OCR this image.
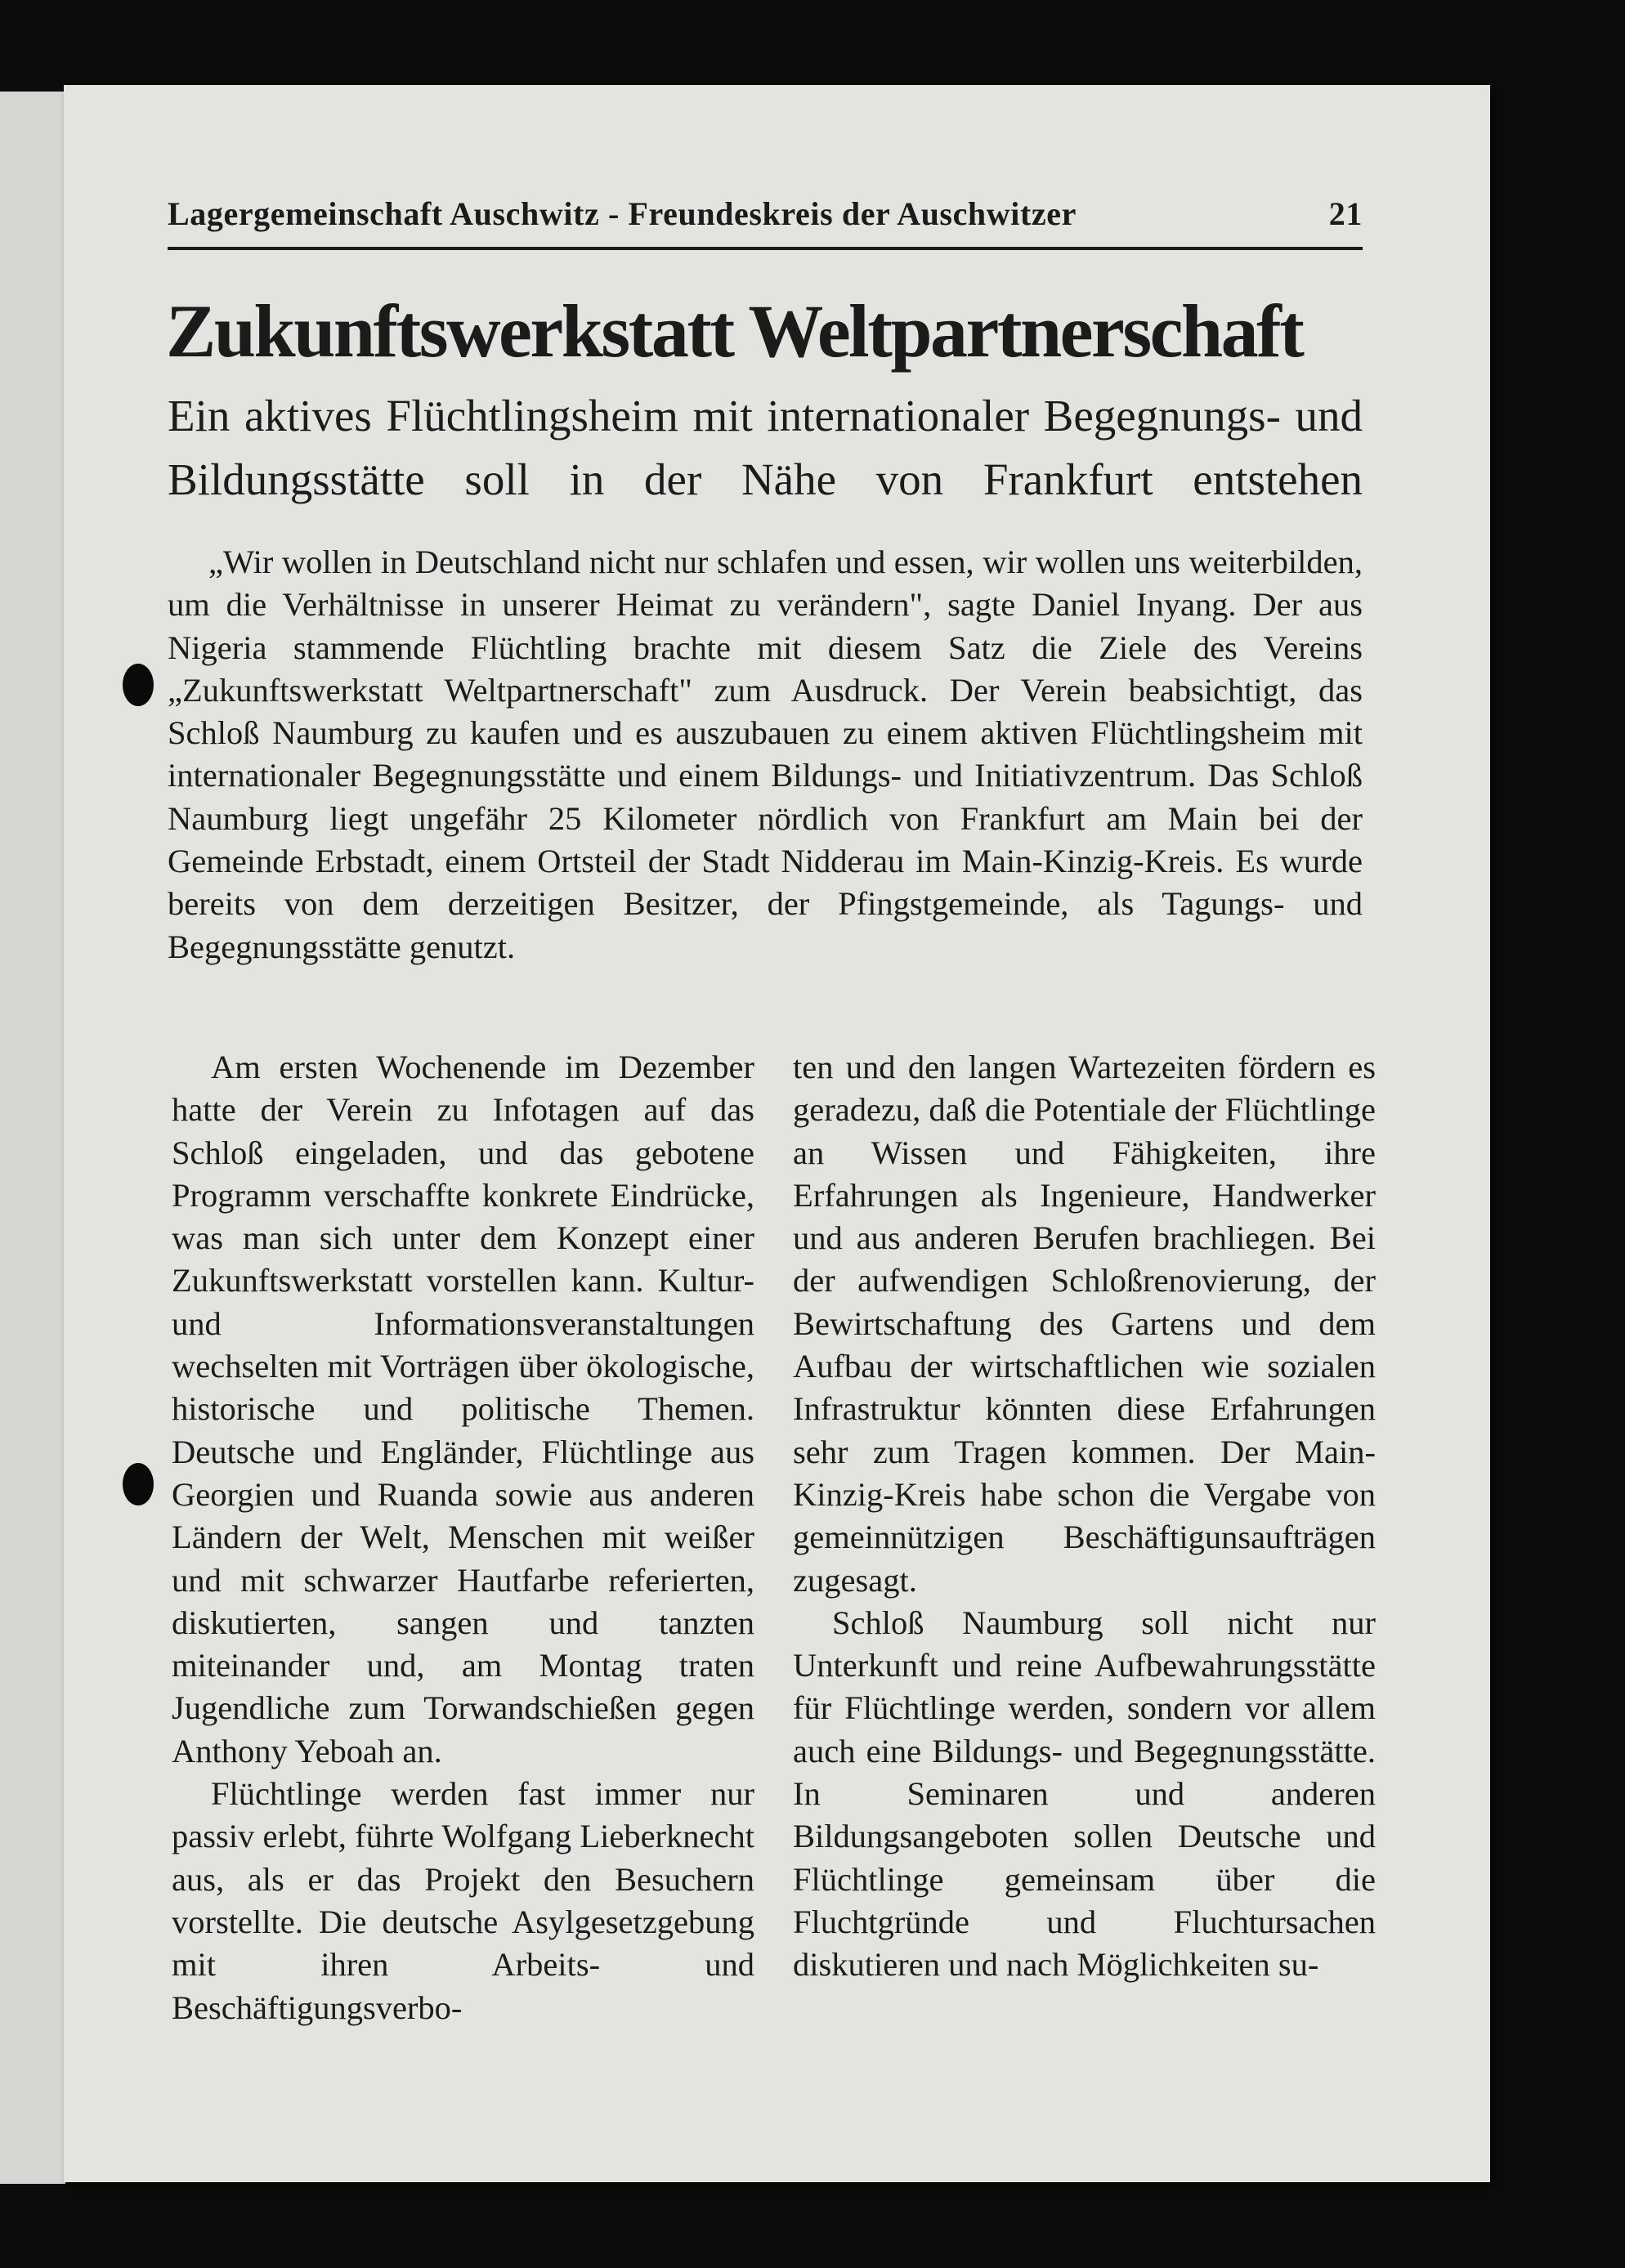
Lagergemeinschaft Auschwitz - Freundeskreis der Auschwitzer	21
Zukunftswerkstatt Weltpartnerschaft
Ein aktives Flüchtlingsheim mit internationaler Begegnungs- und Bildungsstätte soll in der Nähe von Frankfurt entstehen
„Wir wollen in Deutschland nicht nur schlafen und essen, wir wollen uns weiterbilden, um die Verhältnisse in unserer Heimat zu verändern", sagte Daniel Inyang. Der aus Nigeria stammende Flüchtling brachte mit diesem Satz die Ziele des Vereins „Zukunftswerkstatt Weltpartnerschaft" zum Ausdruck. Der Verein beabsichtigt, das Schloß Naumburg zu kaufen und es auszubauen zu einem aktiven Flüchtlingsheim mit internationaler Begegnungsstätte und einem Bildungs- und Initiativzentrum. Das Schloß Naumburg liegt ungefähr 25 Kilometer nördlich von Frankfurt am Main bei der Gemeinde Erbstadt, einem Ortsteil der Stadt Nidderau im Main-Kinzig-Kreis. Es wurde bereits von dem derzeitigen Besitzer, der Pfingstgemeinde, als Tagungs- und Begegnungsstätte genutzt.

Am ersten Wochenende im Dezember hatte der Verein zu Infotagen auf das Schloß eingeladen, und das gebotene Programm verschaffte konkrete Eindrücke, was man sich unter dem Konzept einer Zukunftswerkstatt vorstellen kann. Kultur- und Informationsveranstaltungen wechselten mit Vorträgen über ökologische, historische und politische Themen. Deutsche und Engländer, Flüchtlinge aus Georgien und Ruanda sowie aus anderen Ländern der Welt, Menschen mit weißer und mit schwarzer Hautfarbe referierten, diskutierten, sangen und tanzten miteinander und, am Montag traten Jugendliche zum Torwandschießen gegen Anthony Yeboah an.

Flüchtlinge werden fast immer nur passiv erlebt, führte Wolfgang Lieberknecht aus, als er das Projekt den Besuchern vorstellte. Die deutsche Asylgesetzgebung mit ihren Arbeits- und Beschäftigungsverbo-

ten und den langen Wartezeiten fördern es geradezu, daß die Potentiale der Flüchtlinge an Wissen und Fähigkeiten, ihre Erfahrungen als Ingenieure, Handwerker und aus anderen Berufen brachliegen. Bei der aufwendigen Schloßrenovierung, der Bewirtschaftung des Gartens und dem Aufbau der wirtschaftlichen wie sozialen Infrastruktur könnten diese Erfahrungen sehr zum Tragen kommen. Der Main-Kinzig-Kreis habe schon die Vergabe von gemeinnützigen Beschäftigunsaufträgen zugesagt.

Schloß Naumburg soll nicht nur Unterkunft und reine Aufbewahrungsstätte für Flüchtlinge werden, sondern vor allem auch eine Bildungs- und Begegnungsstätte. In Seminaren und anderen Bildungsangeboten sollen Deutsche und Flüchtlinge gemeinsam über die Fluchtgründe und Fluchtursachen diskutieren und nach Möglichkeiten su-
